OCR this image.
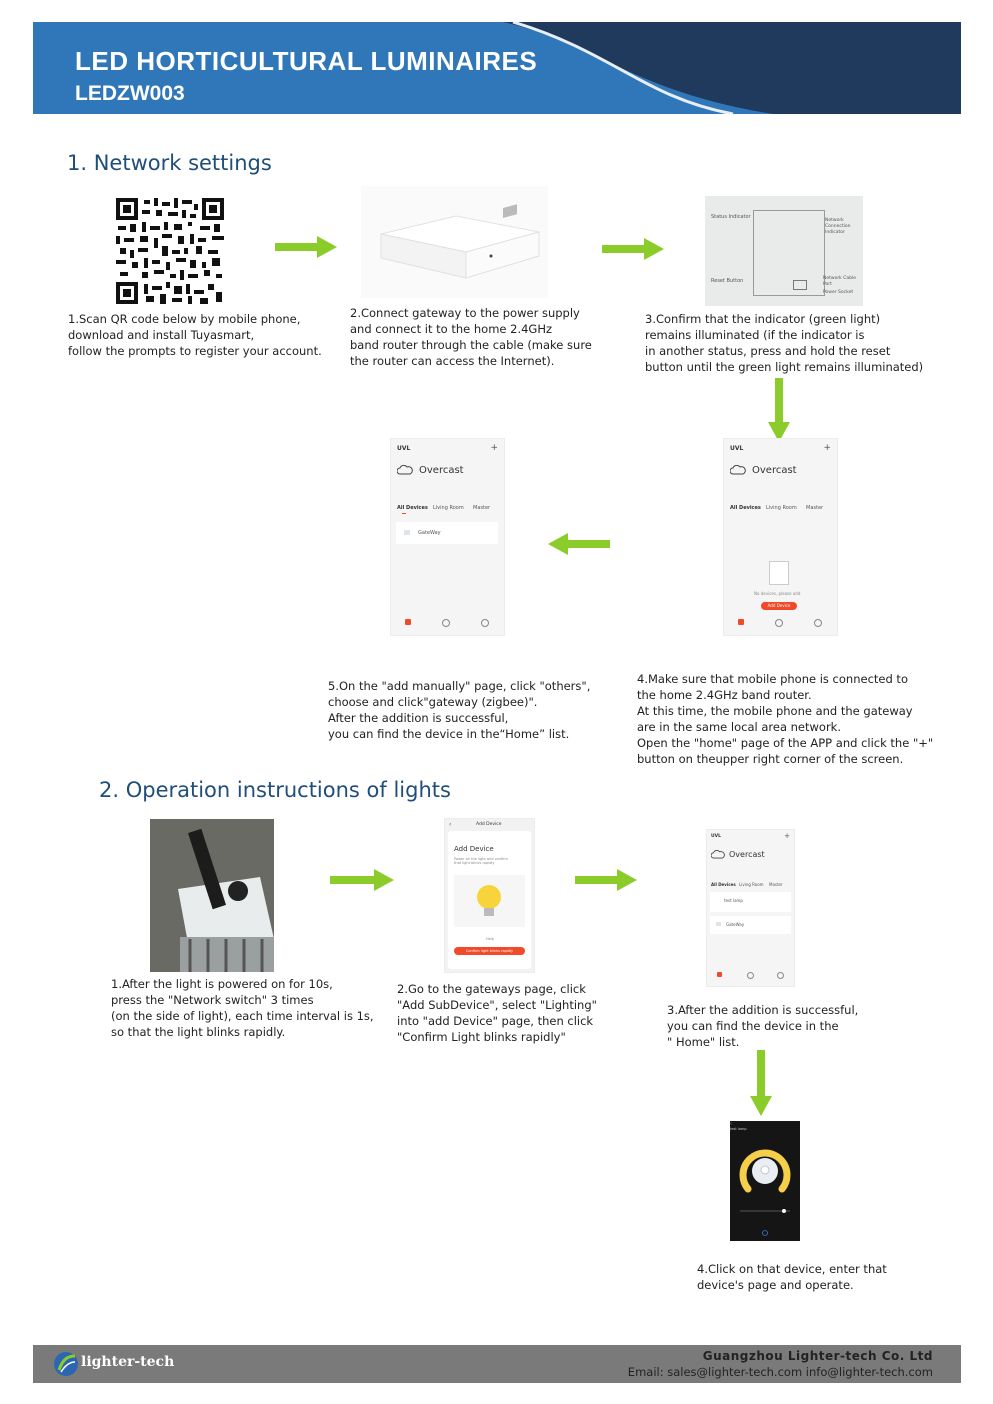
LED HORTICULTURAL LUMINAIRES
LEDZW003
1. Network settings
Status Indicator
Network
Connection
Indicator
Reset Button	Network Cable
Port
Power Socket
1.Scan QR code below by mobile phone,
download and install Tuyasmart,
follow the prompts to register your account.
2.Connect gateway to the power supply
and connect it to the home 2.4GHz
band router through the cable (make sure
the router can access the Internet).
3.Confirm that the indicator (green light)
remains illuminated (if the indicator is
in another status, press and hold the reset
button until the green light remains illuminated)
UVL	+
Overcast
All Devices Living Room Master
GateWay
UVL	+
Overcast
All Devices Living Room Master
No devices, please add
Add Device
5.On the "add manually" page, click "others",
choose and click"gateway (zigbee)".
After the addition is successful,
you can find the device in the“Home” list.
4.Make sure that mobile phone is connected to
the home 2.4GHz band router.
At this time, the mobile phone and the gateway
are in the same local area network.
Open the "home" page of the APP and click the "+"
button on theupper right corner of the screen.
2. Operation instructions of lights
‹	Add Device
Add Device
Power on the light and confirm
that light blinks rapidly
Help
Confirm light blinks rapidly
UVL	+
Overcast
All Devices Living Room Master
test lamp
GateWay
1.After the light is powered on for 10s,
press the "Network switch" 3 times
(on the side of light), each time interval is 1s,
so that the light blinks rapidly.
2.Go to the gateways page, click
"Add SubDevice", select "Lighting"
into "add Device" page, then click
"Confirm Light blinks rapidly"
3.After the addition is successful,
you can find the device in the
" Home" list.
‹
test lamp
4.Click on that device, enter that
device's page and operate.
lighter-tech	Guangzhou Lighter-tech Co. Ltd
Email: sales@lighter-tech.com info@lighter-tech.com
